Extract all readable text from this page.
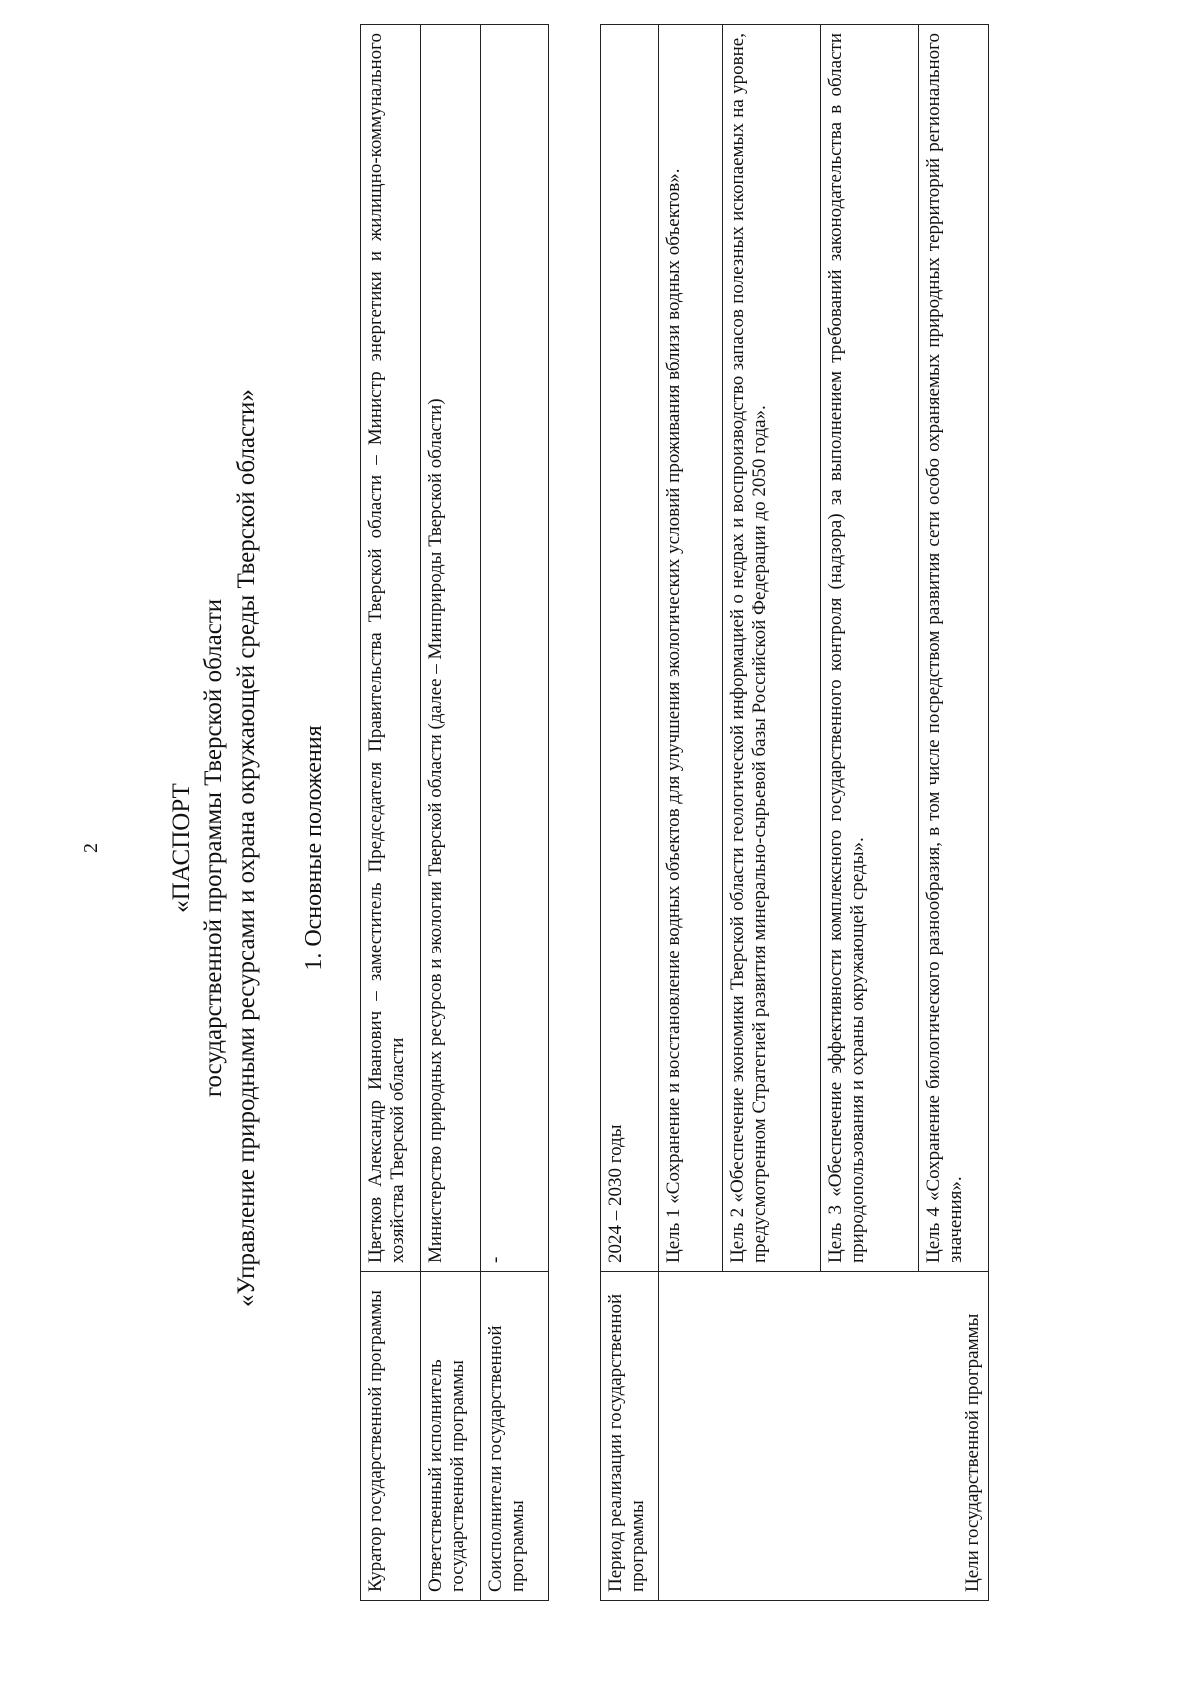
2	«ПАСПОРТ государственной программы Тверской области «Управление природными ресурсами и охрана окружающей среды Тверской области» 1. Основные положения
Куратор государственной программы	Цветков Александр Иванович – заместитель Председателя Правительства Тверской области – Министр энергетики и жилищно-коммунального хозяйства Тверской области
Ответственный исполнитель государственной программы	Министерство природных ресурсов и экологии Тверской области (далее – Минприроды Тверской области)
Соисполнители государственной программы	-
Период реализации государственной программы	2024 – 2030 годы
Цели государственной программы	Цель 1 «Сохранение и восстановление водных объектов для улучшения экологических условий проживания вблизи водных объектов».
	Цель 2 «Обеспечение экономики Тверской области геологической информацией о недрах и воспроизводство запасов полезных ископаемых на уровне, предусмотренном Стратегией развития минерально-сырьевой базы Российской Федерации до 2050 года».
	Цель 3 «Обеспечение эффективности комплексного государственного контроля (надзора) за выполнением требований законодательства в области природопользования и охраны окружающей среды».
	Цель 4 «Сохранение биологического разнообразия, в том числе посредством развития сети особо охраняемых природных территорий регионального значения».
